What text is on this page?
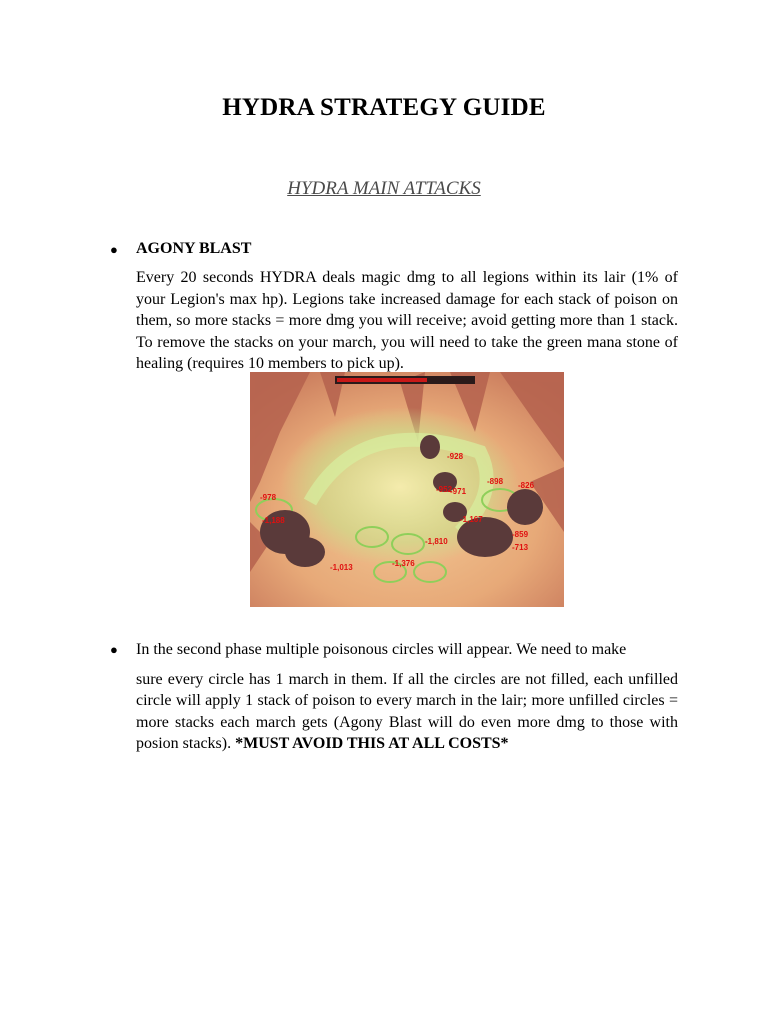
HYDRA STRATEGY GUIDE
HYDRA MAIN ATTACKS
● AGONY BLAST
Every 20 seconds HYDRA deals magic dmg to all legions within its lair (1% of your Legion's max hp). Legions take increased damage for each stack of poison on them, so more stacks = more dmg you will receive; avoid getting more than 1 stack. To remove the stacks on your march, you will need to take the green mana stone of healing (requires 10 members to pick up).
-928
-898 -826
-978
-952
-971
-1,188	-1,167
-1,810
-1,013	-1,376
-859
-713
● In the second phase multiple poisonous circles will appear. We need to make
sure every circle has 1 march in them. If all the circles are not filled, each unfilled circle will apply 1 stack of poison to every march in the lair; more unfilled circles = more stacks each march gets (Agony Blast will do even more dmg to those with posion stacks). *MUST AVOID THIS AT ALL COSTS*
